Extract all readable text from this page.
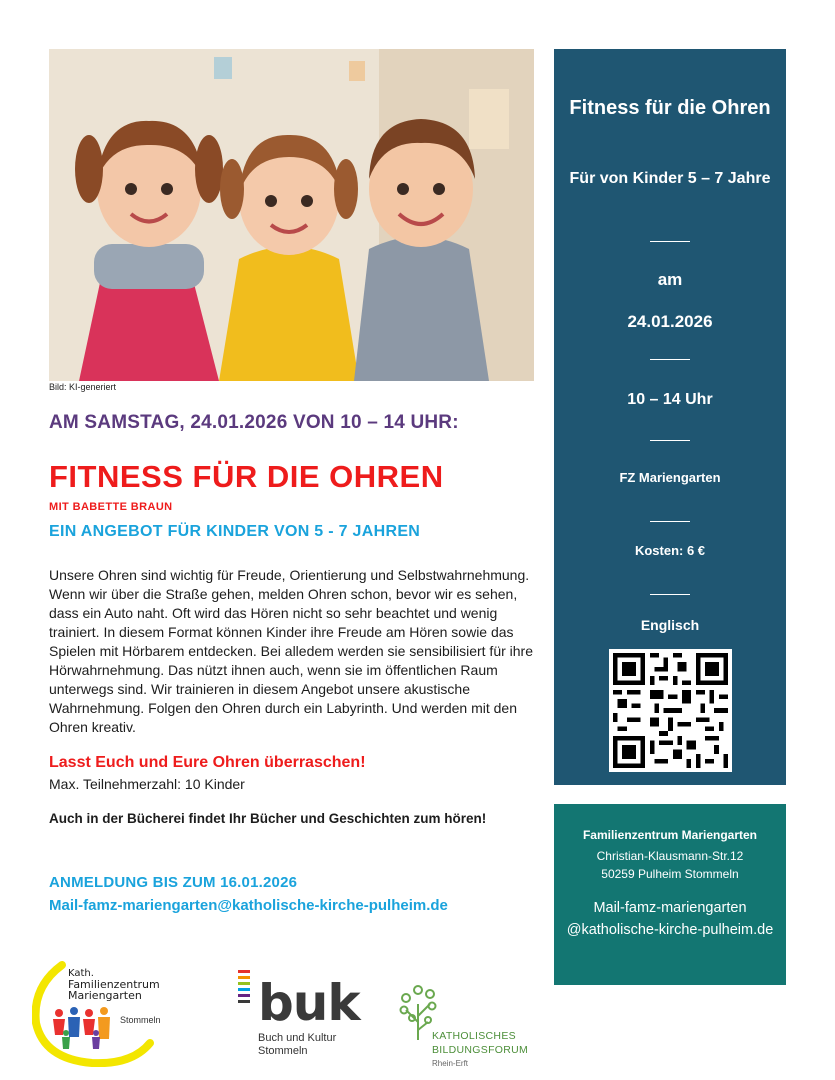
Bild: KI-generiert
AM SAMSTAG, 24.01.2026 VON 10 – 14 UHR:
FITNESS FÜR DIE OHREN
MIT BABETTE BRAUN
EIN ANGEBOT FÜR KINDER VON 5 - 7 JAHREN
Unsere Ohren sind wichtig für Freude, Orientierung und Selbstwahrnehmung. Wenn wir über die Straße gehen, melden Ohren schon, bevor wir es sehen, dass ein Auto naht. Oft wird das Hören nicht so sehr beachtet und wenig trainiert. In diesem Format können Kinder ihre Freude am Hören sowie das Spielen mit Hörbarem entdecken. Bei alledem werden sie sensibilisiert für ihre Hörwahrnehmung. Das nützt ihnen auch, wenn sie im öffentlichen Raum unterwegs sind. Wir trainieren in diesem Angebot unsere akustische Wahrnehmung. Folgen den Ohren durch ein Labyrinth. Und werden mit den Ohren kreativ.
Lasst Euch und Eure Ohren überraschen!
Max. Teilnehmerzahl: 10 Kinder
Auch in der Bücherei findet Ihr Bücher und Geschichten zum hören!
ANMELDUNG BIS ZUM 16.01.2026
Mail-famz-mariengarten@katholische-kirche-pulheim.de
Fitness für die Ohren
Für von Kinder 5 – 7 Jahre
am
24.01.2026
10 – 14 Uhr
FZ Mariengarten
Kosten: 6 €
Englisch
Familienzentrum Mariengarten
Christian-Klausmann-Str.12
50259 Pulheim Stommeln
Mail-famz-mariengarten @katholische-kirche-pulheim.de
Kath.
Familienzentrum
Mariengarten
Stommeln buk
Buch und Kultur
Stommeln
KATHOLISCHES
BILDUNGSFORUM
Rhein-Erft
